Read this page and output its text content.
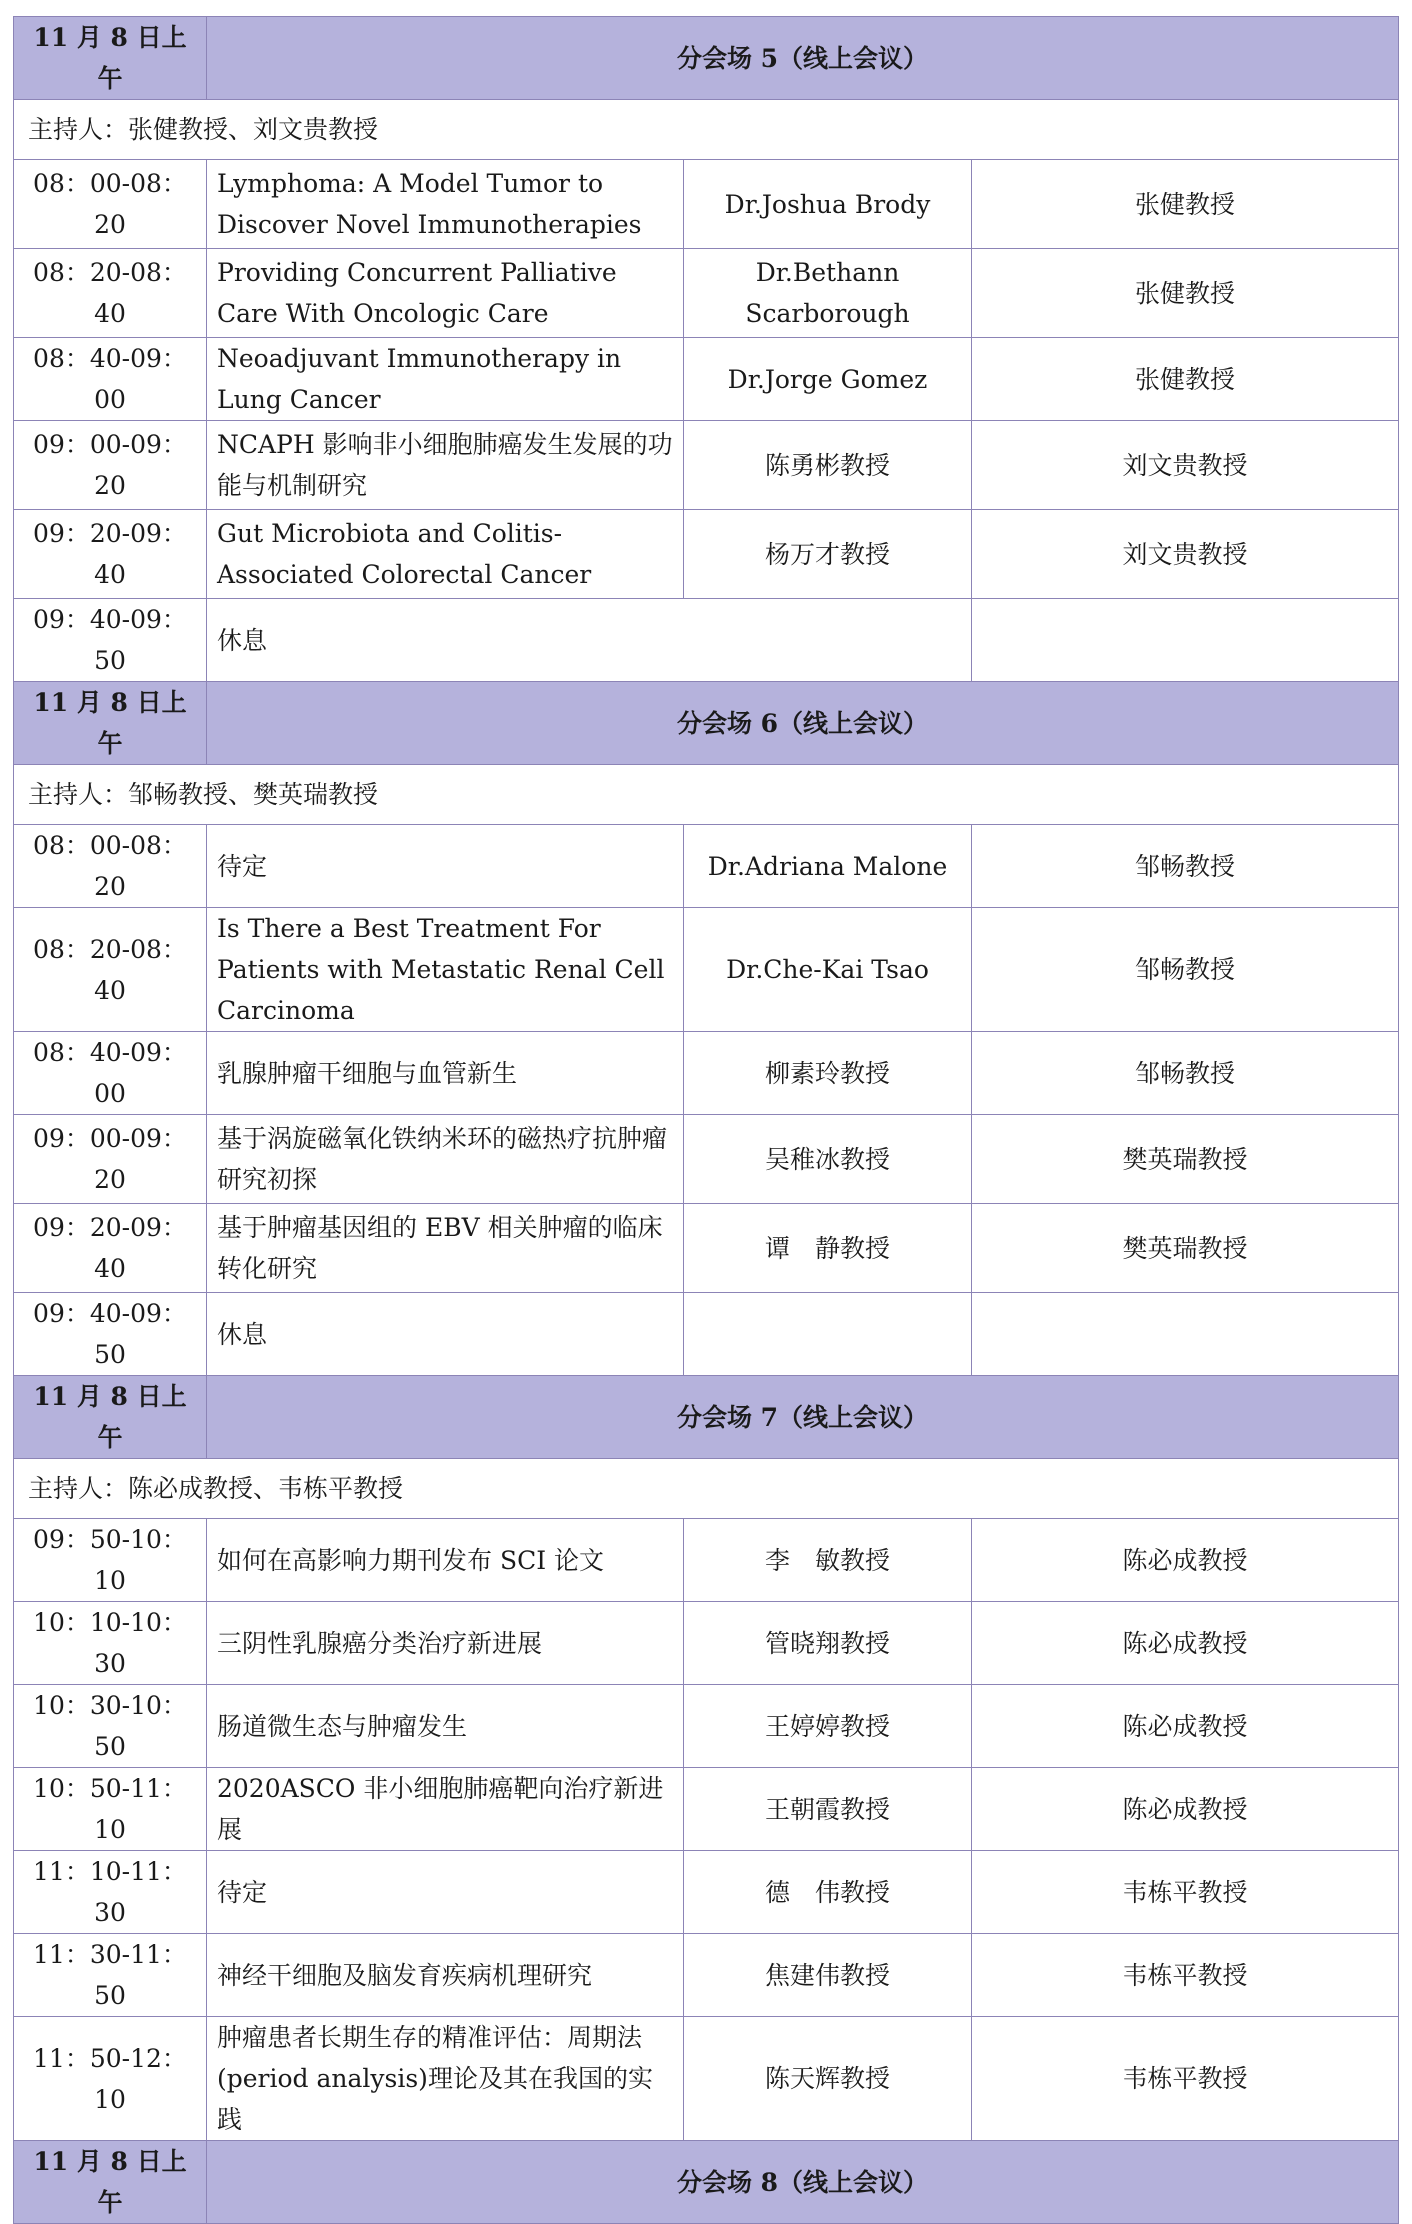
11 月 8 日上午	分会场 5（线上会议）		
主持人：张健教授、刘文贵教授			
08：00-08：20	Lymphoma: A Model Tumor to Discover Novel Immunotherapies	Dr.Joshua Brody	张健教授
08：20-08：40	Providing Concurrent Palliative Care With Oncologic Care	Dr.Bethann Scarborough	张健教授
08：40-09：00	Neoadjuvant Immunotherapy in Lung Cancer	Dr.Jorge Gomez	张健教授
09：00-09：20	NCAPH 影响非小细胞肺癌发生发展的功能与机制研究	陈勇彬教授	刘文贵教授
09：20-09：40	Gut Microbiota and Colitis-Associated Colorectal Cancer	杨万才教授	刘文贵教授
09：40-09：50	休息		
11 月 8 日上午	分会场 6（线上会议）		
主持人：邹畅教授、樊英瑞教授			
08：00-08：20	待定	Dr.Adriana Malone	邹畅教授
08：20-08：40	Is There a Best Treatment For Patients with Metastatic Renal Cell Carcinoma	Dr.Che-Kai Tsao	邹畅教授
08：40-09：00	乳腺肿瘤干细胞与血管新生	柳素玲教授	邹畅教授
09：00-09：20	基于涡旋磁氧化铁纳米环的磁热疗抗肿瘤研究初探	吴稚冰教授	樊英瑞教授
09：20-09：40	基于肿瘤基因组的 EBV 相关肿瘤的临床转化研究	谭　静教授	樊英瑞教授
09：40-09：50	休息		
11 月 8 日上午	分会场 7（线上会议）		
主持人：陈必成教授、韦栋平教授			
09：50-10：10	如何在高影响力期刊发布 SCI 论文	李　敏教授	陈必成教授
10：10-10：30	三阴性乳腺癌分类治疗新进展	管晓翔教授	陈必成教授
10：30-10：50	肠道微生态与肿瘤发生	王婷婷教授	陈必成教授
10：50-11：10	2020ASCO 非小细胞肺癌靶向治疗新进展	王朝霞教授	陈必成教授
11：10-11：30	待定	德　伟教授	韦栋平教授
11：30-11：50	神经干细胞及脑发育疾病机理研究	焦建伟教授	韦栋平教授
11：50-12：10	肿瘤患者长期生存的精准评估：周期法(period analysis)理论及其在我国的实践	陈天辉教授	韦栋平教授
11 月 8 日上午	分会场 8（线上会议）		
